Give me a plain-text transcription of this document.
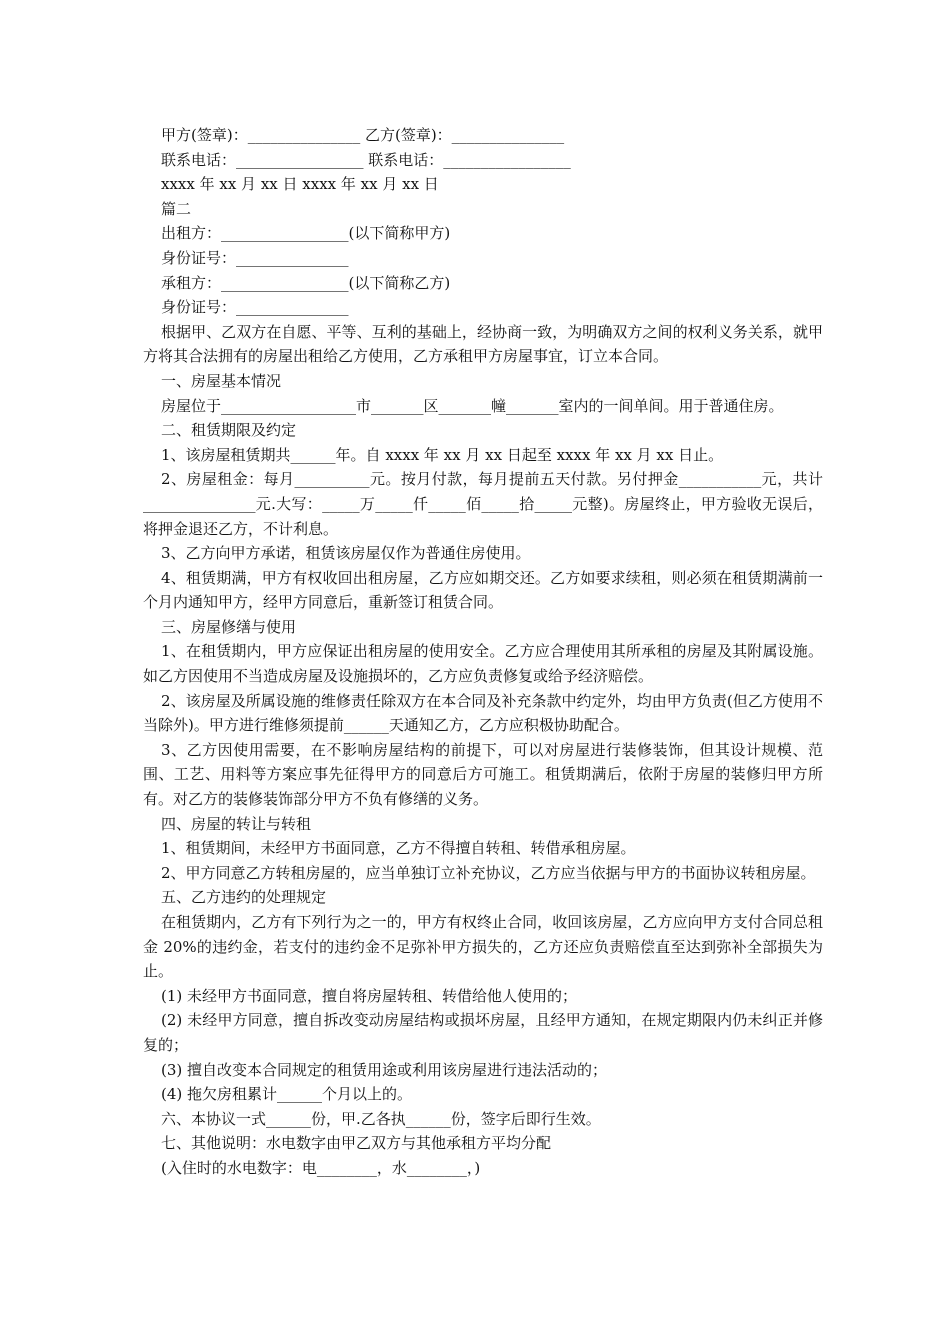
甲方(签章)：_______________ 乙方(签章)：_______________
联系电话：_________________ 联系电话：_________________
xxxx 年 xx 月 xx 日 xxxx 年 xx 月 xx 日
篇二
出租方：_________________(以下简称甲方)
身份证号：_______________
承租方：_________________(以下简称乙方)
身份证号：_______________
根据甲、乙双方在自愿、平等、互利的基础上，经协商一致，为明确双方之间的权利义务关系，就甲方将其合法拥有的房屋出租给乙方使用，乙方承租甲方房屋事宜，订立本合同。
一、房屋基本情况
房屋位于__________________市_______区_______幢_______室内的一间单间。用于普通住房。
二、租赁期限及约定
1、该房屋租赁期共______年。自 xxxx 年 xx 月 xx 日起至 xxxx 年 xx 月 xx 日止。
2、房屋租金：每月__________元。按月付款，每月提前五天付款。另付押金___________元，共计_______________元.大写：_____万_____仟_____佰_____拾_____元整)。房屋终止，甲方验收无误后，将押金退还乙方，不计利息。
3、乙方向甲方承诺，租赁该房屋仅作为普通住房使用。
4、租赁期满，甲方有权收回出租房屋，乙方应如期交还。乙方如要求续租，则必须在租赁期满前一个月内通知甲方，经甲方同意后，重新签订租赁合同。
三、房屋修缮与使用
1、在租赁期内，甲方应保证出租房屋的使用安全。乙方应合理使用其所承租的房屋及其附属设施。如乙方因使用不当造成房屋及设施损坏的，乙方应负责修复或给予经济赔偿。
2、该房屋及所属设施的维修责任除双方在本合同及补充条款中约定外，均由甲方负责(但乙方使用不当除外)。甲方进行维修须提前______天通知乙方，乙方应积极协助配合。
3、乙方因使用需要，在不影响房屋结构的前提下，可以对房屋进行装修装饰，但其设计规模、范围、工艺、用料等方案应事先征得甲方的同意后方可施工。租赁期满后，依附于房屋的装修归甲方所有。对乙方的装修装饰部分甲方不负有修缮的义务。
四、房屋的转让与转租
1、租赁期间，未经甲方书面同意，乙方不得擅自转租、转借承租房屋。
2、甲方同意乙方转租房屋的，应当单独订立补充协议，乙方应当依据与甲方的书面协议转租房屋。
五、乙方违约的处理规定
在租赁期内，乙方有下列行为之一的，甲方有权终止合同，收回该房屋，乙方应向甲方支付合同总租金 20%的违约金，若支付的违约金不足弥补甲方损失的，乙方还应负责赔偿直至达到弥补全部损失为止。
(1) 未经甲方书面同意，擅自将房屋转租、转借给他人使用的；
(2) 未经甲方同意，擅自拆改变动房屋结构或损坏房屋，且经甲方通知，在规定期限内仍未纠正并修复的；
(3) 擅自改变本合同规定的租赁用途或利用该房屋进行违法活动的；
(4) 拖欠房租累计______个月以上的。
六、本协议一式______份，甲.乙各执______份，签字后即行生效。
七、其他说明：水电数字由甲乙双方与其他承租方平均分配
(入住时的水电数字：电________，水________，)
